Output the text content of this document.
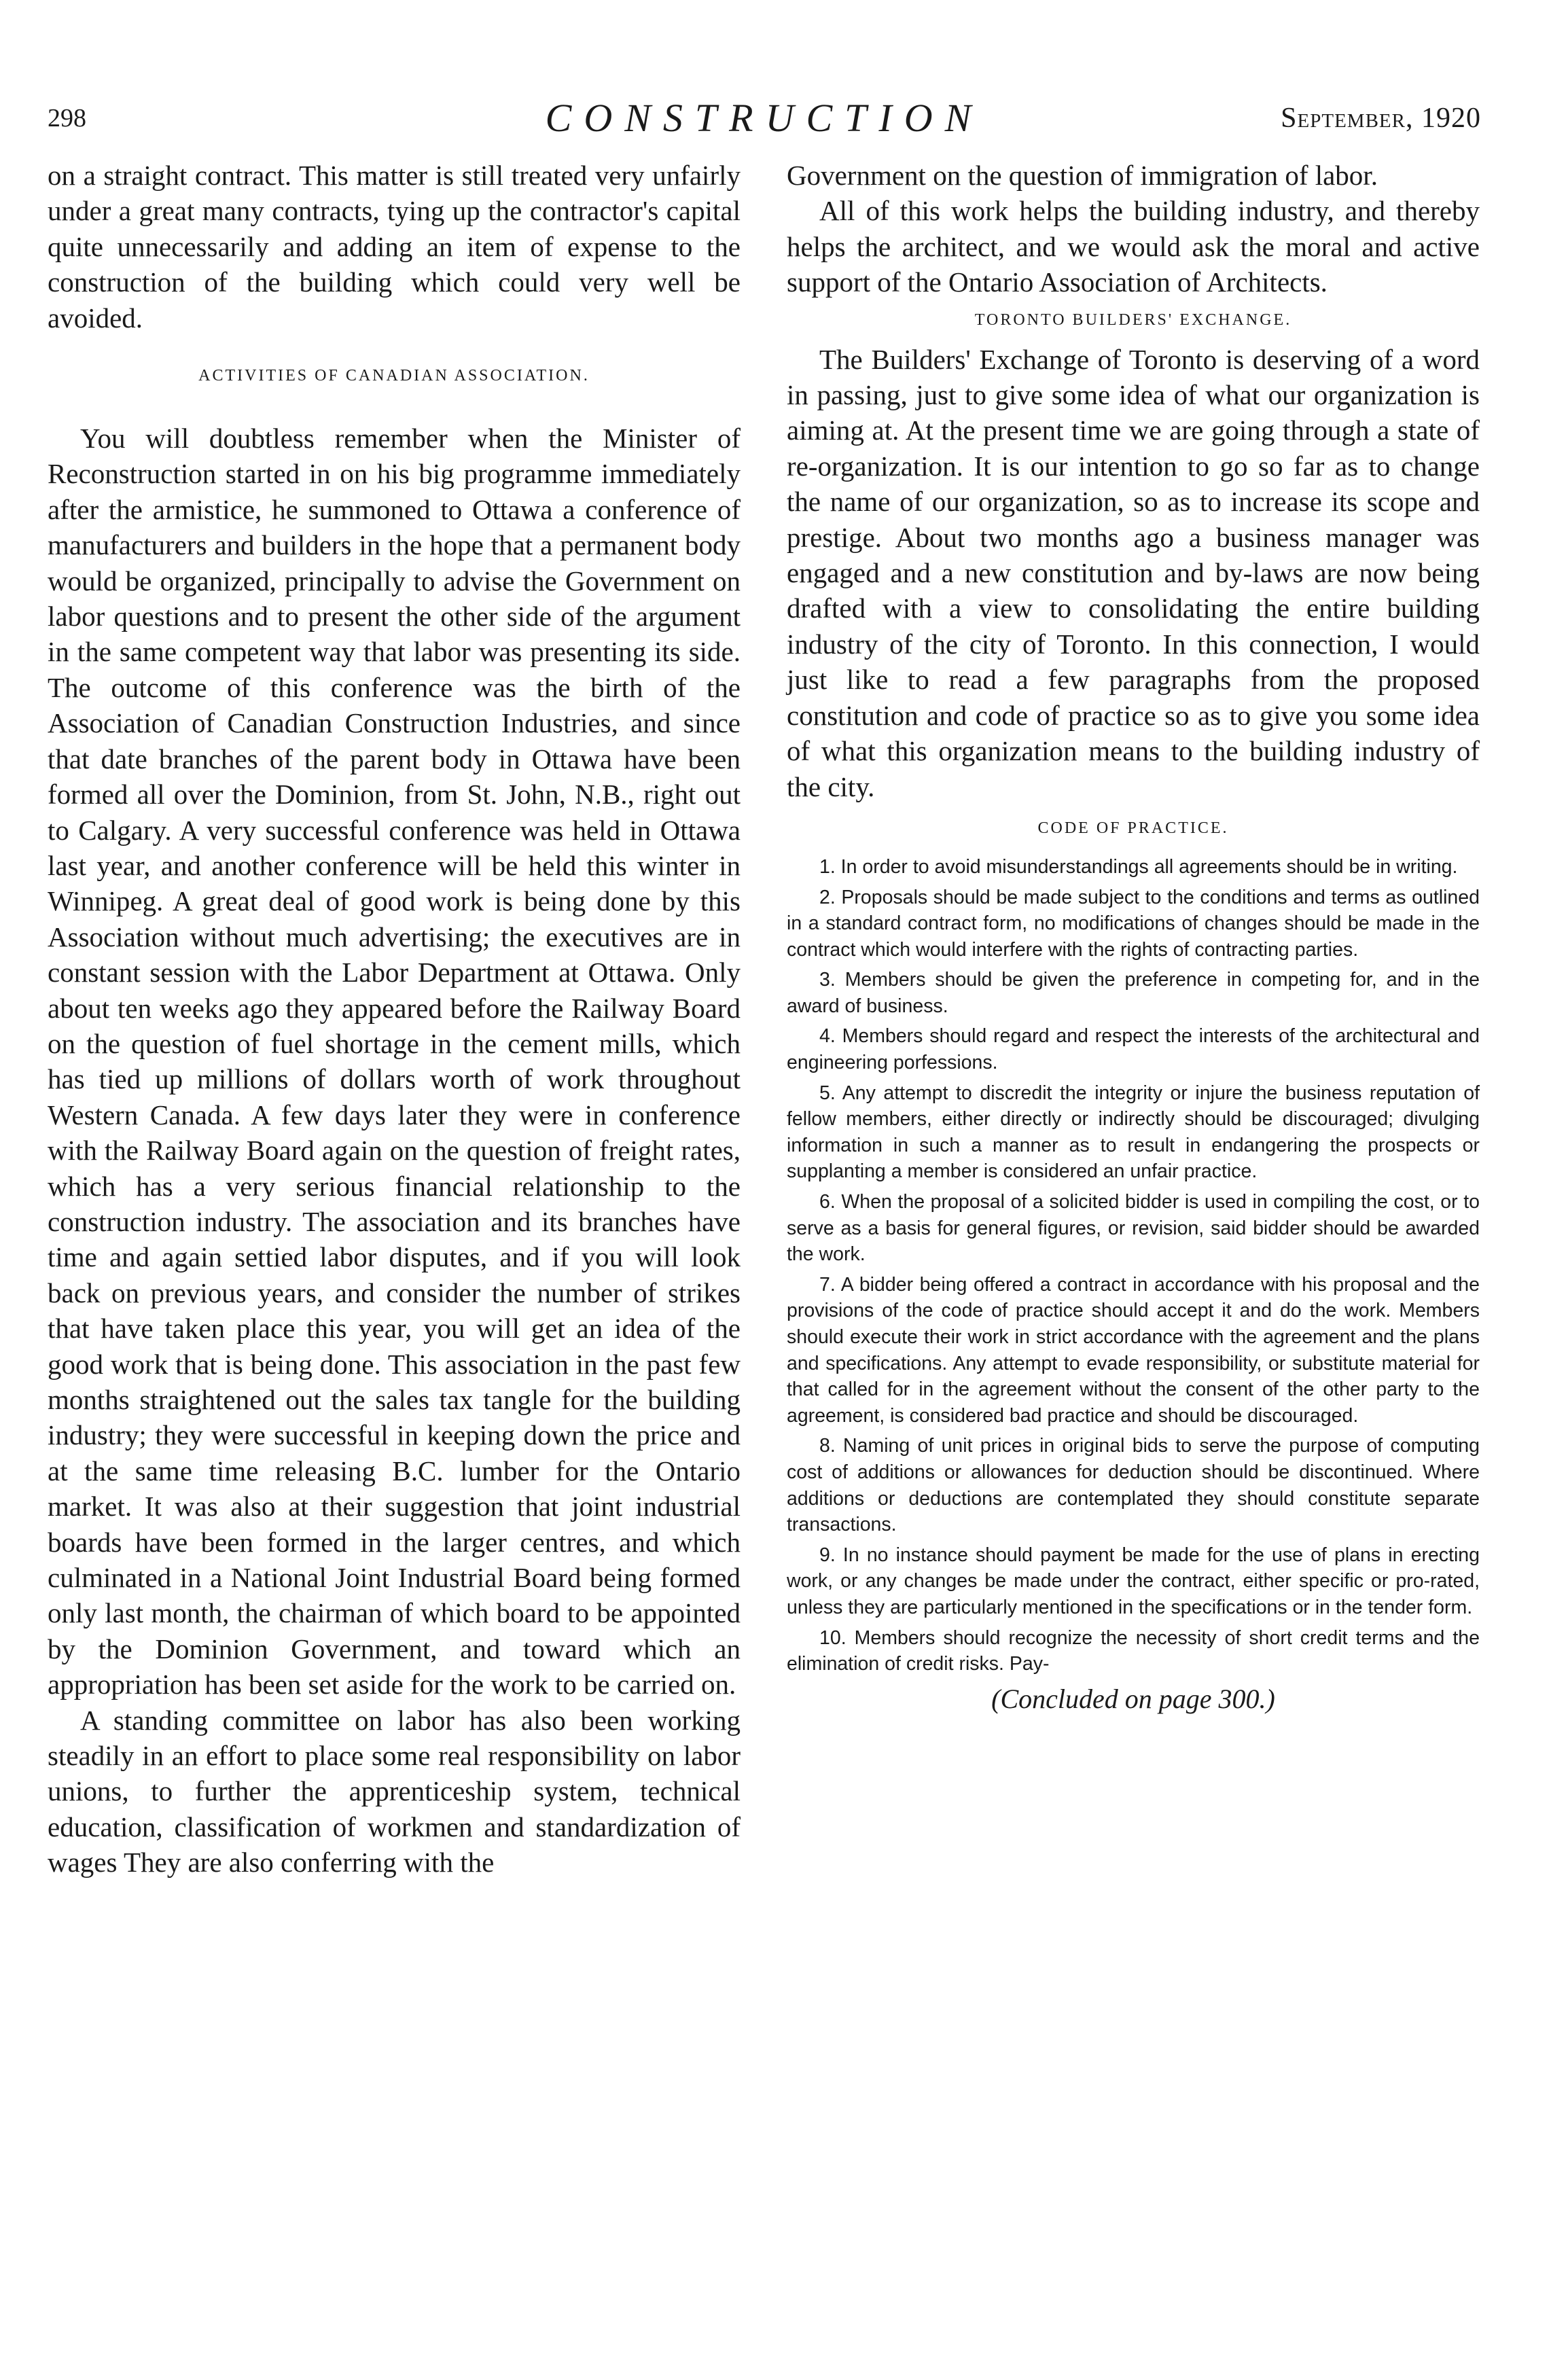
298	CONSTRUCTION	September, 1920

on a straight contract. This matter is still treated very unfairly under a great many contracts, tying up the contractor's capital quite unnecessarily and adding an item of expense to the construction of the building which could very well be avoided.

ACTIVITIES OF CANADIAN ASSOCIATION.

You will doubtless remember when the Minister of Reconstruction started in on his big programme immediately after the armistice, he summoned to Ottawa a conference of manufacturers and builders in the hope that a permanent body would be organized, principally to advise the Government on labor questions and to present the other side of the argument in the same competent way that labor was presenting its side. The outcome of this conference was the birth of the Association of Canadian Construction Industries, and since that date branches of the parent body in Ottawa have been formed all over the Dominion, from St. John, N.B., right out to Calgary. A very successful conference was held in Ottawa last year, and another conference will be held this winter in Winnipeg. A great deal of good work is being done by this Association without much advertising; the executives are in constant session with the Labor Department at Ottawa. Only about ten weeks ago they appeared before the Railway Board on the question of fuel shortage in the cement mills, which has tied up millions of dollars worth of work throughout Western Canada. A few days later they were in conference with the Railway Board again on the question of freight rates, which has a very serious financial relationship to the construction industry. The association and its branches have time and again settied labor disputes, and if you will look back on previous years, and consider the number of strikes that have taken place this year, you will get an idea of the good work that is being done. This association in the past few months straightened out the sales tax tangle for the building industry; they were successful in keeping down the price and at the same time releasing B.C. lumber for the Ontario market. It was also at their suggestion that joint industrial boards have been formed in the larger centres, and which culminated in a National Joint Industrial Board being formed only last month, the chairman of which board to be appointed by the Dominion Government, and toward which an appropriation has been set aside for the work to be carried on.

A standing committee on labor has also been working steadily in an effort to place some real responsibility on labor unions, to further the apprenticeship system, technical education, classification of workmen and standardization of wages They are also conferring with the

Government on the question of immigration of labor.

All of this work helps the building industry, and thereby helps the architect, and we would ask the moral and active support of the Ontario Association of Architects.

TORONTO BUILDERS' EXCHANGE.

The Builders' Exchange of Toronto is deserving of a word in passing, just to give some idea of what our organization is aiming at. At the present time we are going through a state of re-organization. It is our intention to go so far as to change the name of our organization, so as to increase its scope and prestige. About two months ago a business manager was engaged and a new constitution and by-laws are now being drafted with a view to consolidating the entire building industry of the city of Toronto. In this connection, I would just like to read a few paragraphs from the proposed constitution and code of practice so as to give you some idea of what this organization means to the building industry of the city.

CODE OF PRACTICE.
1. In order to avoid misunderstandings all agreements should be in writing.
2. Proposals should be made subject to the conditions and terms as outlined in a standard contract form, no modifications of changes should be made in the contract which would interfere with the rights of contracting parties.
3. Members should be given the preference in competing for, and in the award of business.
4. Members should regard and respect the interests of the architectural and engineering porfessions.
5. Any attempt to discredit the integrity or injure the business reputation of fellow members, either directly or indirectly should be discouraged; divulging information in such a manner as to result in endangering the prospects or supplanting a member is considered an unfair practice.
6. When the proposal of a solicited bidder is used in compiling the cost, or to serve as a basis for general figures, or revision, said bidder should be awarded the work.
7. A bidder being offered a contract in accordance with his proposal and the provisions of the code of practice should accept it and do the work. Members should execute their work in strict accordance with the agreement and the plans and specifications. Any attempt to evade responsibility, or substitute material for that called for in the agreement without the consent of the other party to the agreement, is considered bad practice and should be discouraged.
8. Naming of unit prices in original bids to serve the purpose of computing cost of additions or allowances for deduction should be discontinued. Where additions or deductions are contemplated they should constitute separate transactions.
9. In no instance should payment be made for the use of plans in erecting work, or any changes be made under the contract, either specific or pro-rated, unless they are particularly mentioned in the specifications or in the tender form.
10. Members should recognize the necessity of short credit terms and the elimination of credit risks. Pay-
(Concluded on page 300.)
